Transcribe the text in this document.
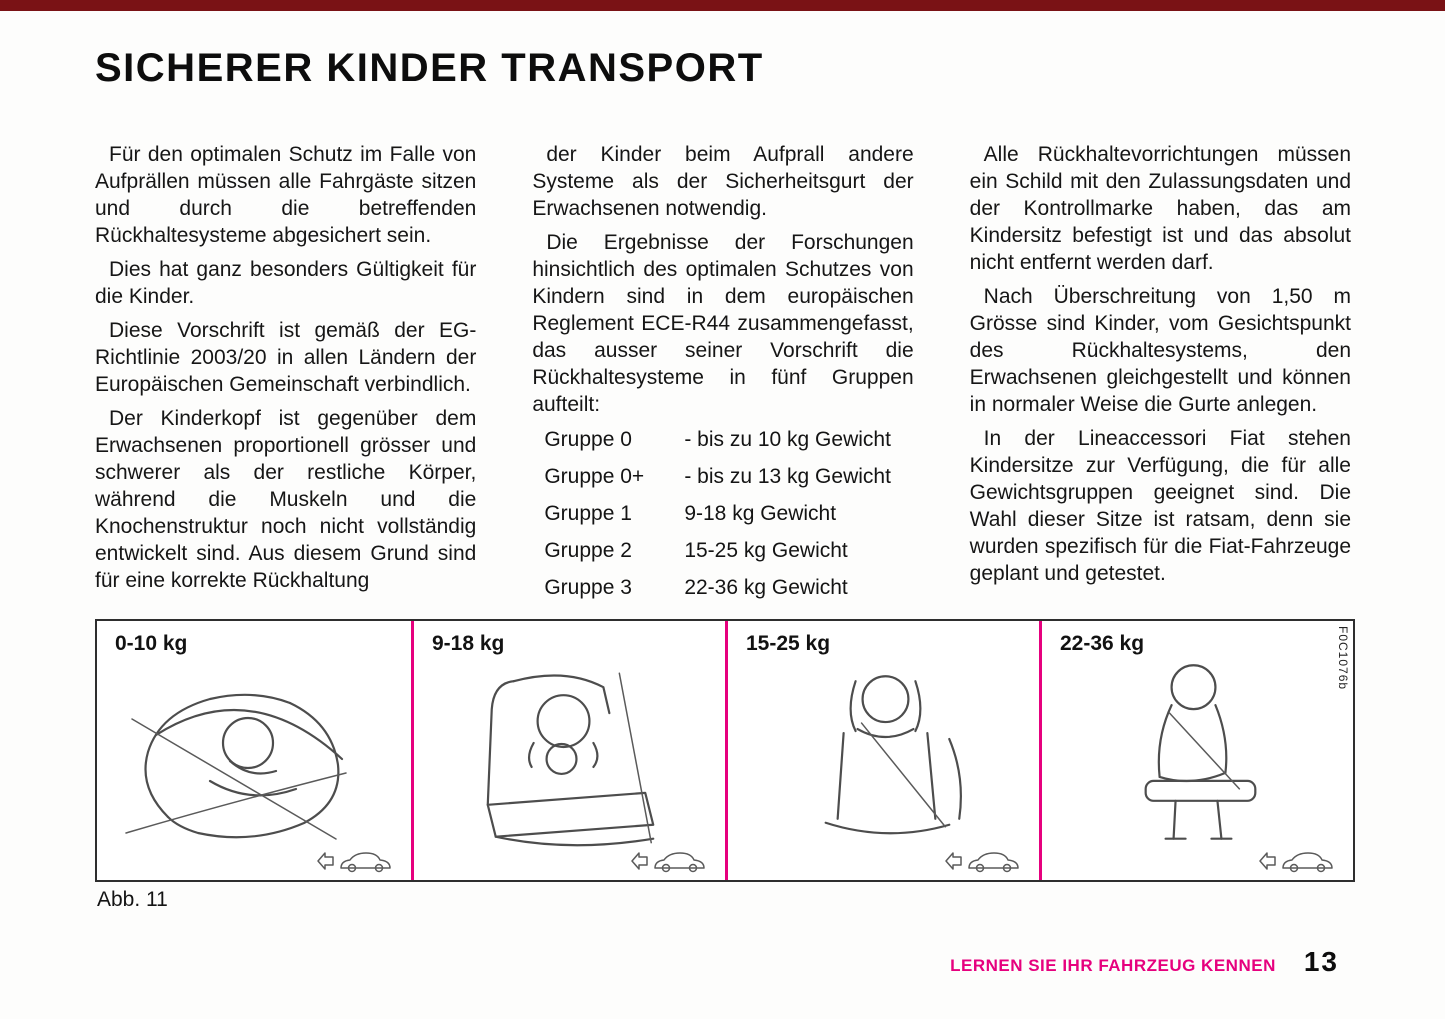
SICHERER KINDER TRANSPORT

Für den optimalen Schutz im Falle von Aufprällen müssen alle Fahrgäste sitzen und durch die betreffenden Rückhaltesysteme abgesichert sein.

Dies hat ganz besonders Gültigkeit für die Kinder.

Diese Vorschrift ist gemäß der EG-Richtlinie 2003/20 in allen Ländern der Europäischen Gemeinschaft verbindlich.

Der Kinderkopf ist gegenüber dem Erwachsenen proportionell grösser und schwerer als der restliche Körper, während die Muskeln und die Knochenstruktur noch nicht vollständig entwickelt sind. Aus diesem Grund sind für eine korrekte Rückhaltung

der Kinder beim Aufprall andere Systeme als der Sicherheitsgurt der Erwachsenen notwendig.

Die Ergebnisse der Forschungen hinsichtlich des optimalen Schutzes von Kindern sind in dem europäischen Reglement ECE-R44 zusammengefasst, das ausser seiner Vorschrift die Rückhaltesysteme in fünf Gruppen aufteilt:

Gruppe 0	- bis zu 10 kg Gewicht
Gruppe 0+	- bis zu 13 kg Gewicht
Gruppe 1	9-18 kg Gewicht
Gruppe 2	15-25 kg Gewicht
Gruppe 3	22-36 kg Gewicht

Alle Rückhaltevorrichtungen müssen ein Schild mit den Zulassungsdaten und der Kontrollmarke haben, das am Kindersitz befestigt ist und das absolut nicht entfernt werden darf.

Nach Überschreitung von 1,50 m Grösse sind Kinder, vom Gesichtspunkt des Rückhaltesystems, den Erwachsenen gleichgestellt und können in normaler Weise die Gurte anlegen.

In der Lineaccessori Fiat stehen Kindersitze zur Verfügung, die für alle Gewichtsgruppen geeignet sind. Die Wahl dieser Sitze ist ratsam, denn sie wurden spezifisch für die Fiat-Fahrzeuge geplant und getestet.

0-10 kg	9-18 kg	15-25 kg	22-36 kg	F0C1076b
Abb. 11
LERNEN SIE IHR FAHRZEUG KENNEN 13
